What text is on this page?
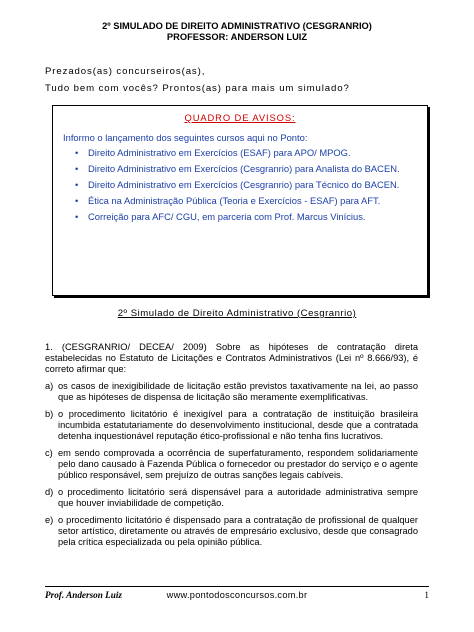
2º SIMULADO DE DIREITO ADMINISTRATIVO (CESGRANRIO)
PROFESSOR: ANDERSON LUIZ
Prezados(as) concurseiros(as),
Tudo bem com vocês? Prontos(as) para mais um simulado?
QUADRO DE AVISOS:
Informo o lançamento dos seguintes cursos aqui no Ponto:
• Direito Administrativo em Exercícios (ESAF) para APO/ MPOG.
• Direito Administrativo em Exercícios (Cesgranrio) para Analista do BACEN.
• Direito Administrativo em Exercícios (Cesgranrio) para Técnico do BACEN.
• Ética na Administração Pública (Teoria e Exercícios - ESAF) para AFT.
• Correição para AFC/ CGU, em parceria com Prof. Marcus Vinícius.
2º Simulado de Direito Administrativo (Cesgranrio)

1. (CESGRANRIO/ DECEA/ 2009) Sobre as hipóteses de contratação direta estabelecidas no Estatuto de Licitações e Contratos Administrativos (Lei nº 8.666/93), é correto afirmar que:

a) os casos de inexigibilidade de licitação estão previstos taxativamente na lei, ao passo que as hipóteses de dispensa de licitação são meramente exemplificativas.
b) o procedimento licitatório é inexigível para a contratação de instituição brasileira incumbida estatutariamente do desenvolvimento institucional, desde que a contratada detenha inquestionável reputação ético-profissional e não tenha fins lucrativos.
c) em sendo comprovada a ocorrência de superfaturamento, respondem solidariamente pelo dano causado à Fazenda Pública o fornecedor ou prestador do serviço e o agente público responsável, sem prejuízo de outras sanções legais cabíveis.
d) o procedimento licitatório será dispensável para a autoridade administrativa sempre que houver inviabilidade de competição.
e) o procedimento licitatório é dispensado para a contratação de profissional de qualquer setor artístico, diretamente ou através de empresário exclusivo, desde que consagrado pela crítica especializada ou pela opinião pública.
Prof. Anderson Luiz	www.pontodosconcursos.com.br	1
